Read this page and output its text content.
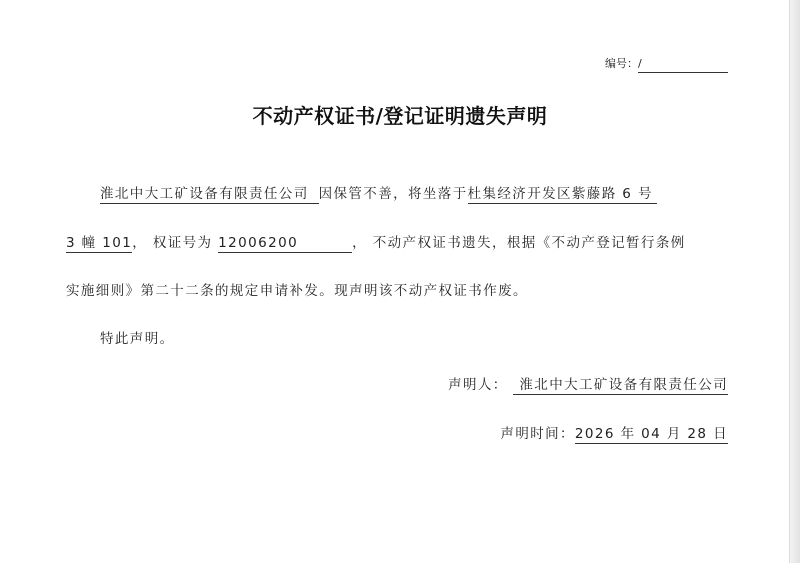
编号：/
不动产权证书/登记证明遗失声明
淮北中大工矿设备有限责任公司 因保管不善，将坐落于杜集经济开发区紫藤路 6 号
3 幢 101， 权证号为 12006200	， 不动产权证书遗失，根据《不动产登记暂行条例
实施细则》第二十二条的规定申请补发。现声明该不动产权证书作废。
特此声明。
声明人： 淮北中大工矿设备有限责任公司
声明时间：2026 年 04 月 28 日
